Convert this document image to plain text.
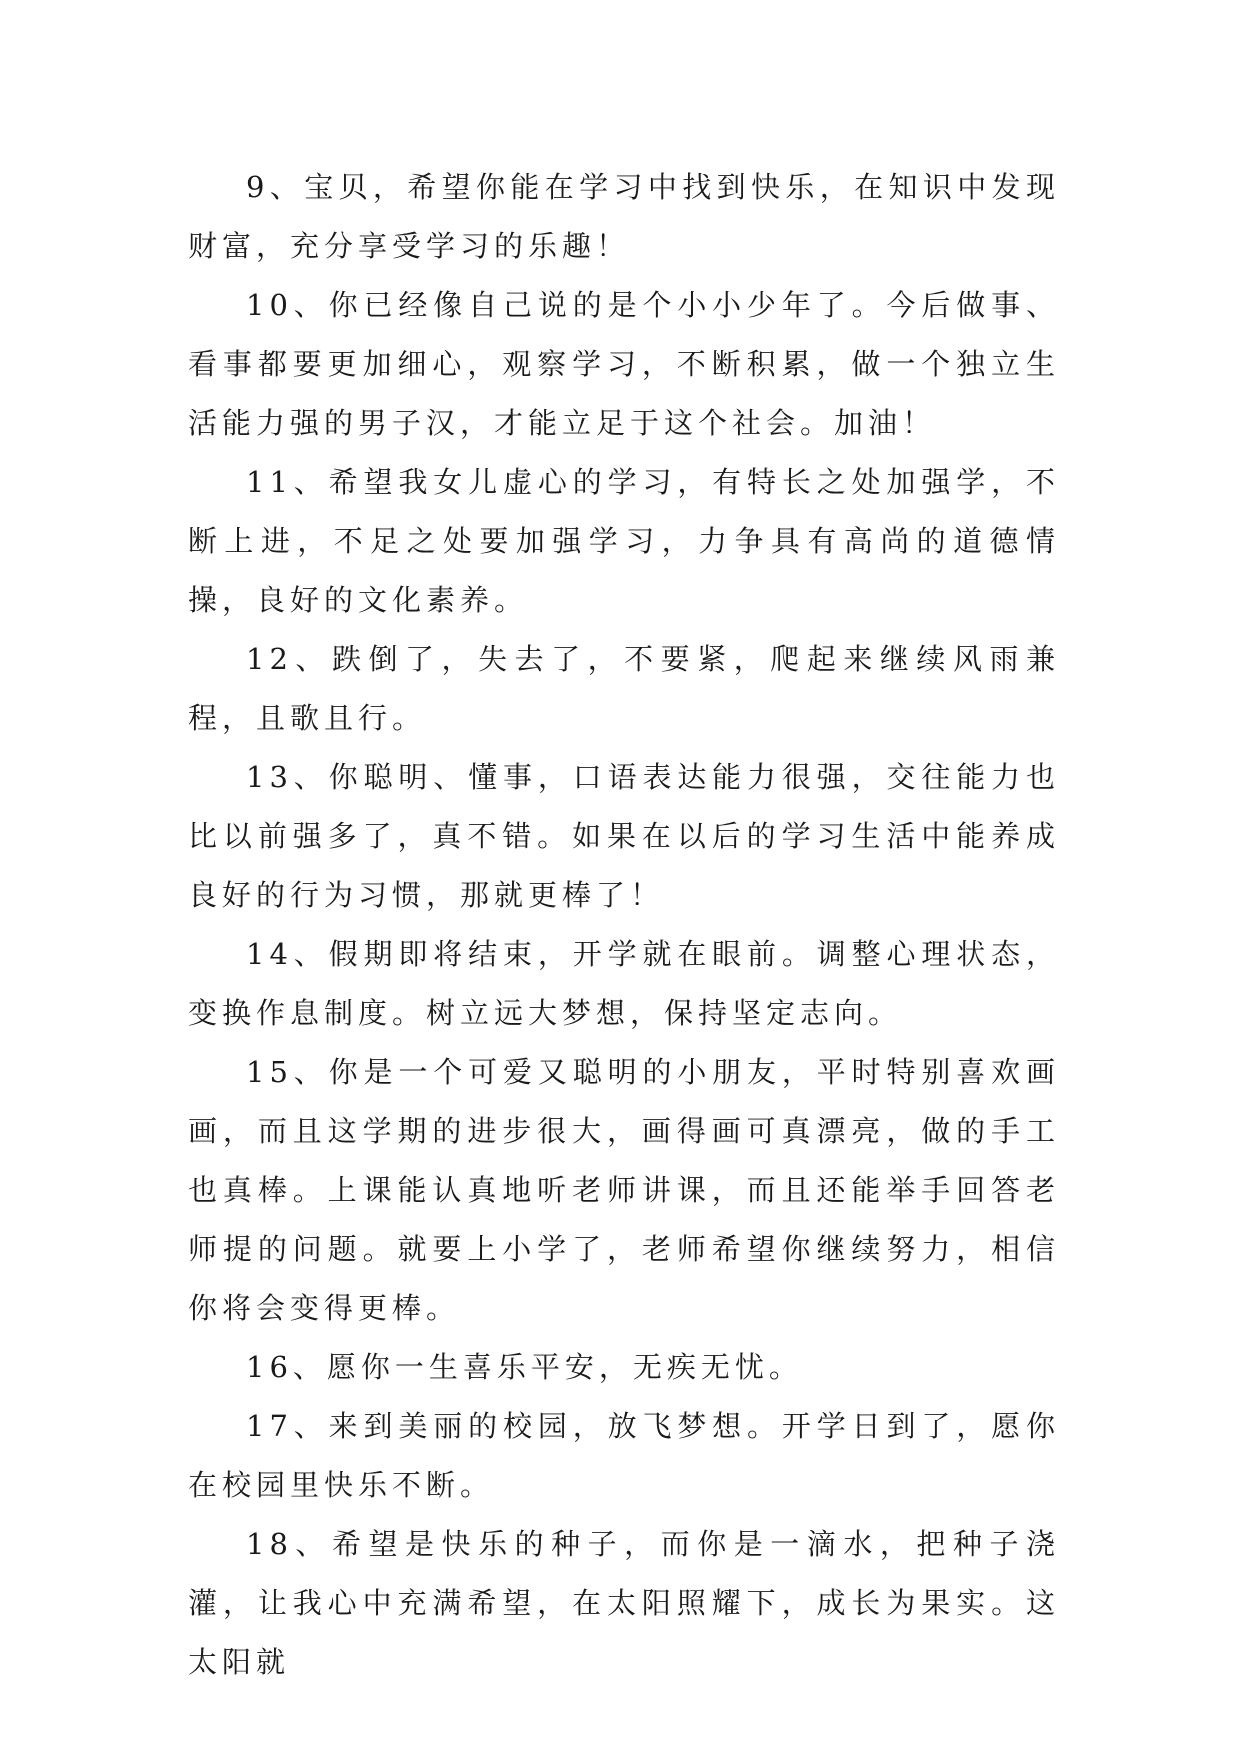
9、宝贝，希望你能在学习中找到快乐，在知识中发现财富，充分享受学习的乐趣！

10、你已经像自己说的是个小小少年了。今后做事、看事都要更加细心，观察学习，不断积累，做一个独立生活能力强的男子汉，才能立足于这个社会。加油！

11、希望我女儿虚心的学习，有特长之处加强学，不断上进，不足之处要加强学习，力争具有高尚的道德情操，良好的文化素养。

12、跌倒了，失去了，不要紧，爬起来继续风雨兼程，且歌且行。

13、你聪明、懂事，口语表达能力很强，交往能力也比以前强多了，真不错。如果在以后的学习生活中能养成良好的行为习惯，那就更棒了！

14、假期即将结束，开学就在眼前。调整心理状态，变换作息制度。树立远大梦想，保持坚定志向。

15、你是一个可爱又聪明的小朋友，平时特别喜欢画画，而且这学期的进步很大，画得画可真漂亮，做的手工也真棒。上课能认真地听老师讲课，而且还能举手回答老师提的问题。就要上小学了，老师希望你继续努力，相信你将会变得更棒。

16、愿你一生喜乐平安，无疾无忧。

17、来到美丽的校园，放飞梦想。开学日到了，愿你在校园里快乐不断。

18、希望是快乐的种子，而你是一滴水，把种子浇灌，让我心中充满希望，在太阳照耀下，成长为果实。这太阳就
